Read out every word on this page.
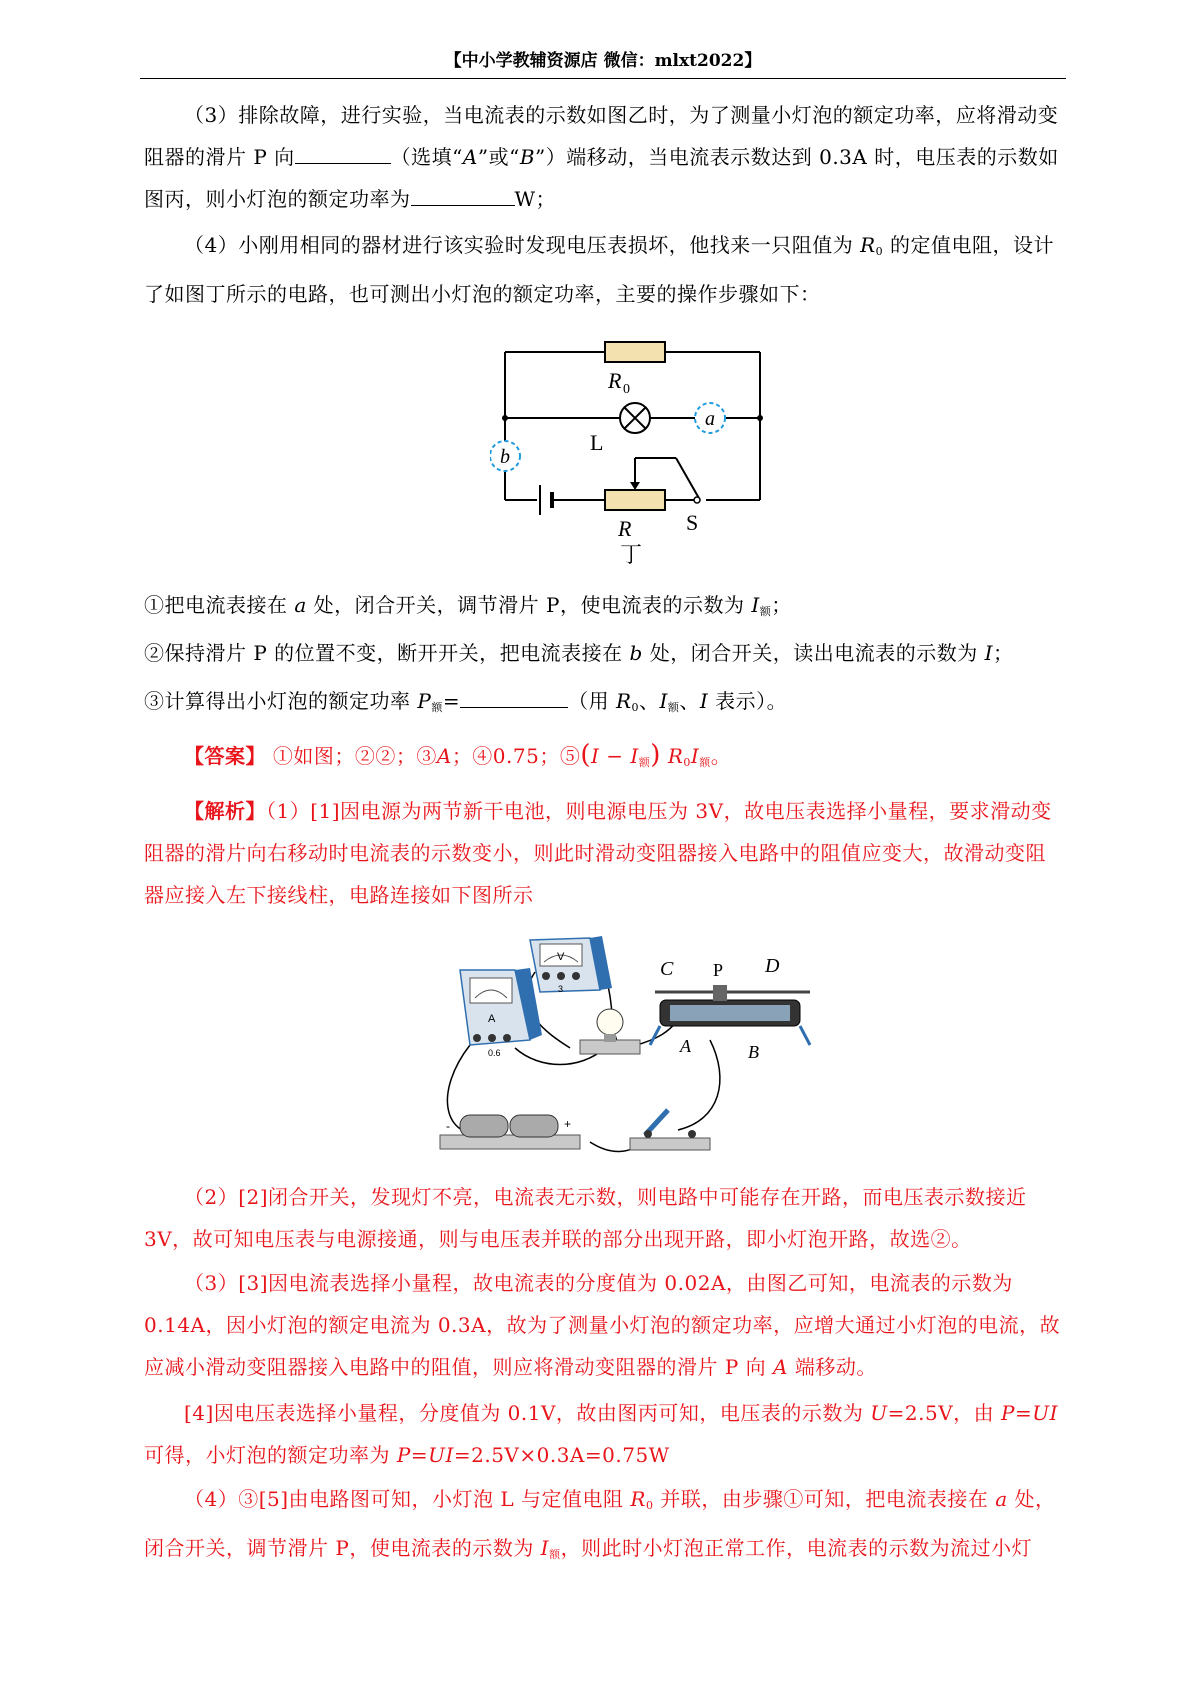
【中小学教辅资源店 微信：mlxt2022】

（3）排除故障，进行实验，当电流表的示数如图乙时，为了测量小灯泡的额定功率，应将滑动变阻器的滑片 P 向	（选填“A”或“B”）端移动，当电流表示数达到 0.3A 时，电压表的示数如图丙，则小灯泡的额定功率为	W；

（4）小刚用相同的器材进行该实验时发现电压表损坏，他找来一只阻值为 $R_0$ 的定值电阻，设计了如图丁所示的电路，也可测出小灯泡的额定功率，主要的操作步骤如下：

a
b
R 0
L
R S
丁

①把电流表接在 a 处，闭合开关，调节滑片 P，使电流表的示数为 $I_额$；

②保持滑片 P 的位置不变，断开开关，把电流表接在 b 处，闭合开关，读出电流表的示数为 I；

③计算得出小灯泡的额定功率 $P_额=$	（用 $R_0$、$I_额$、I 表示）。

【答案】 ①如图；②②；③A；④0.75；⑤(I − $I_额$) $R_0I_额$。

【解析】（1）[1]因电源为两节新干电池，则电源电压为 3V，故电压表选择小量程，要求滑动变阻器的滑片向右移动时电流表的示数变小，则此时滑动变阻器接入电路中的阻值应变大，故滑动变阻器应接入左下接线柱，电路连接如下图所示

A
0.6
V
3
C P D
A	B
-	+

（2）[2]闭合开关，发现灯不亮，电流表无示数，则电路中可能存在开路，而电压表示数接近 3V，故可知电压表与电源接通，则与电压表并联的部分出现开路，即小灯泡开路，故选②。

（3）[3]因电流表选择小量程，故电流表的分度值为 0.02A，由图乙可知，电流表的示数为 0.14A，因小灯泡的额定电流为 0.3A，故为了测量小灯泡的额定功率，应增大通过小灯泡的电流，故应减小滑动变阻器接入电路中的阻值，则应将滑动变阻器的滑片 P 向 A 端移动。

[4]因电压表选择小量程，分度值为 0.1V，故由图丙可知，电压表的示数为 U=2.5V，由 P=UI 可得，小灯泡的额定功率为 P=UI=2.5V×0.3A=0.75W

（4）③[5]由电路图可知，小灯泡 L 与定值电阻 $R_0$ 并联，由步骤①可知，把电流表接在 a 处，闭合开关，调节滑片 P，使电流表的示数为 $I_额$，则此时小灯泡正常工作，电流表的示数为流过小灯
